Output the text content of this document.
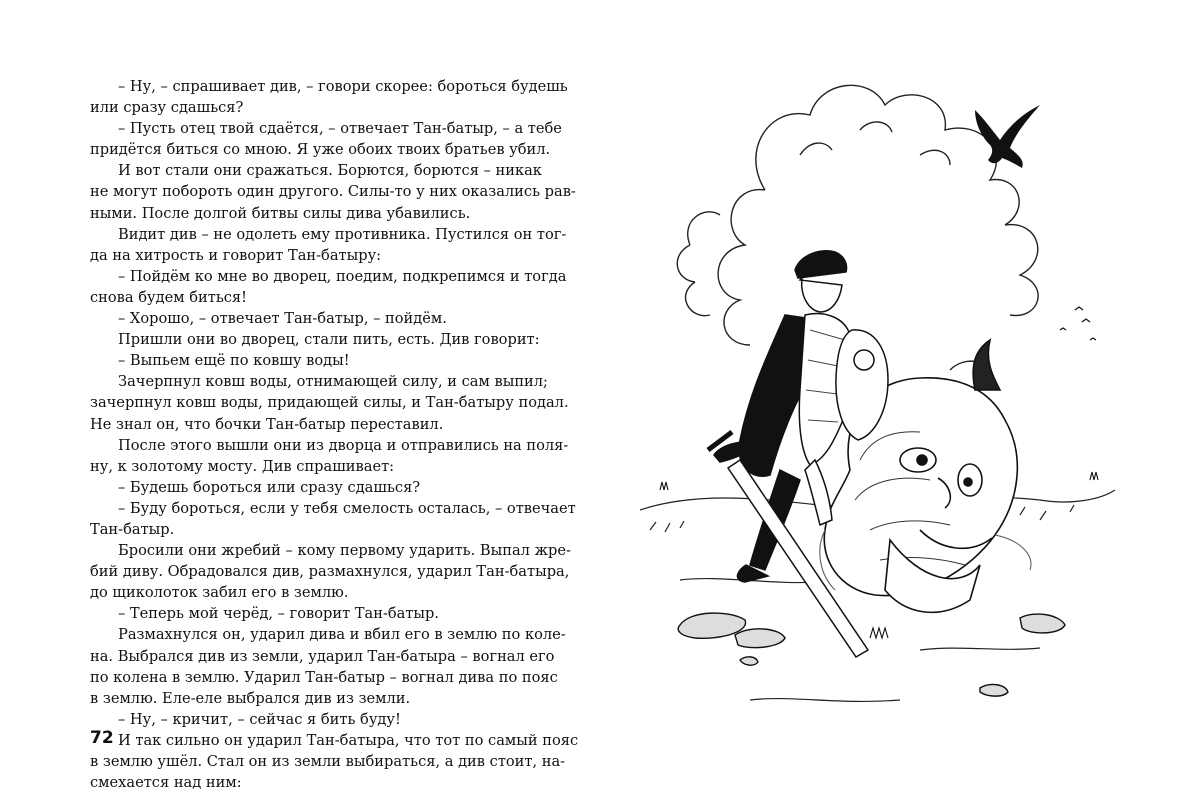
– Ну, – спрашивает див, – говори скорее: бороться будешь
или сразу сдашься?
– Пусть отец твой сдаётся, – отвечает Тан-батыр, – а тебе
придётся биться со мною. Я уже обоих твоих братьев убил.
И вот стали они сражаться. Борются, борются – никак
не могут побороть один другого. Силы-то у них оказались рав-
ными. После долгой битвы силы дива убавились.
Видит див – не одолеть ему противника. Пустился он тог-
да на хитрость и говорит Тан-батыру:
– Пойдём ко мне во дворец, поедим, подкрепимся и тогда
снова будем биться!
– Хорошо, – отвечает Тан-батыр, – пойдём.
Пришли они во дворец, стали пить, есть. Див говорит:
– Выпьем ещё по ковшу воды!
Зачерпнул ковш воды, отнимающей силу, и сам выпил;
зачерпнул ковш воды, придающей силы, и Тан-батыру подал.
Не знал он, что бочки Тан-батыр переставил.
После этого вышли они из дворца и отправились на поля-
ну, к золотому мосту. Див спрашивает:
– Будешь бороться или сразу сдашься?
– Буду бороться, если у тебя смелость осталась, – отвечает
Тан-батыр.
Бросили они жребий – кому первому ударить. Выпал жре-
бий диву. Обрадовался див, размахнулся, ударил Тан-батыра,
до щиколоток забил его в землю.
– Теперь мой черёд, – говорит Тан-батыр.
Размахнулся он, ударил дива и вбил его в землю по коле-
на. Выбрался див из земли, ударил Тан-батыра – вогнал его
по колена в землю. Ударил Тан-батыр – вогнал дива по пояс
в землю. Еле-еле выбрался див из земли.
– Ну, – кричит, – сейчас я бить буду!
И так сильно он ударил Тан-батыра, что тот по самый пояс
в землю ушёл. Стал он из земли выбираться, а див стоит, на-
смехается над ним:
72
